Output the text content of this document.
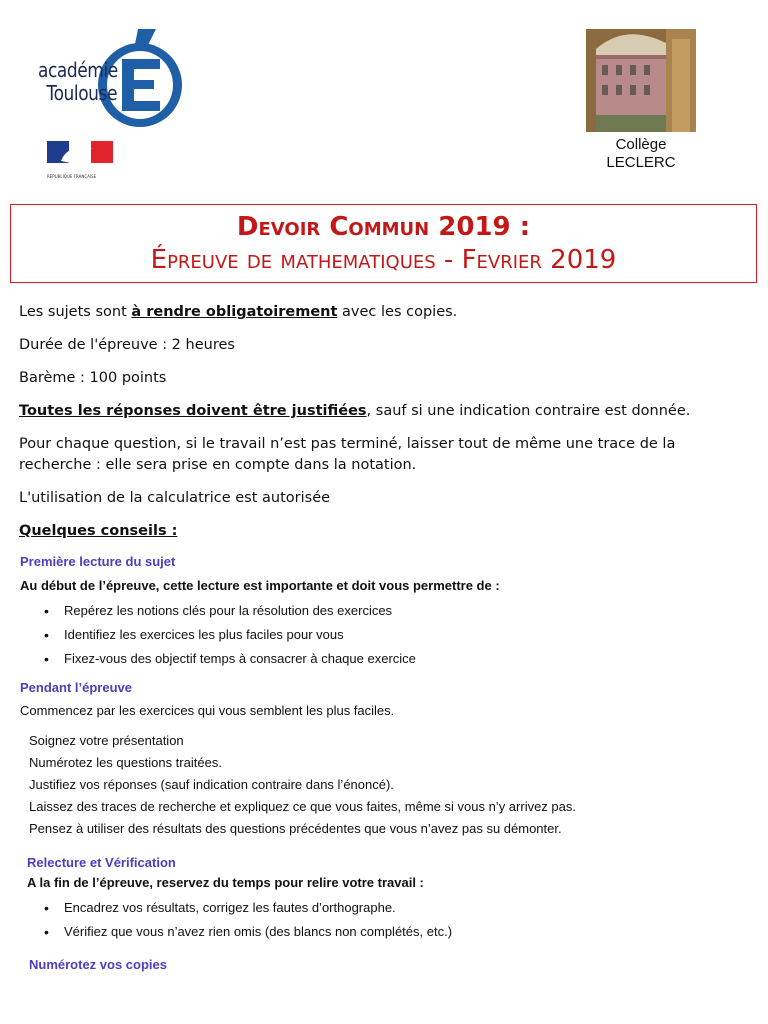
académie
Toulouse
RÉPUBLIQUE FRANÇAISE
Collège
LECLERC
Devoir Commun 2019 :
Épreuve de mathematiques - Fevrier 2019

Les sujets sont à rendre obligatoirement avec les copies.

Durée de l'épreuve : 2 heures

Barème : 100 points

Toutes les réponses doivent être justifiées, sauf si une indication contraire est donnée.

Pour chaque question, si le travail n’est pas terminé, laisser tout de même une trace de la recherche : elle sera prise en compte dans la notation.

L'utilisation de la calculatrice est autorisée

Quelques conseils :

Première lecture du sujet

Au début de l’épreuve, cette lecture est importante et doit vous permettre de :

• Repérez les notions clés pour la résolution des exercices
• Identifiez les exercices les plus faciles pour vous
• Fixez-vous des objectif temps à consacrer à chaque exercice

Pendant l’épreuve

Commencez par les exercices qui vous semblent les plus faciles.

Soignez votre présentation

Numérotez les questions traitées.

Justifiez vos réponses (sauf indication contraire dans l’énoncé).

Laissez des traces de recherche et expliquez ce que vous faites, même si vous n’y arrivez pas.

Pensez à utiliser des résultats des questions précédentes que vous n’avez pas su démonter.

Relecture et Vérification

A la fin de l’épreuve, reservez du temps pour relire votre travail :

• Encadrez vos résultats, corrigez les fautes d’orthographe.
• Vérifiez que vous n’avez rien omis (des blancs non complétés, etc.)

Numérotez vos copies
